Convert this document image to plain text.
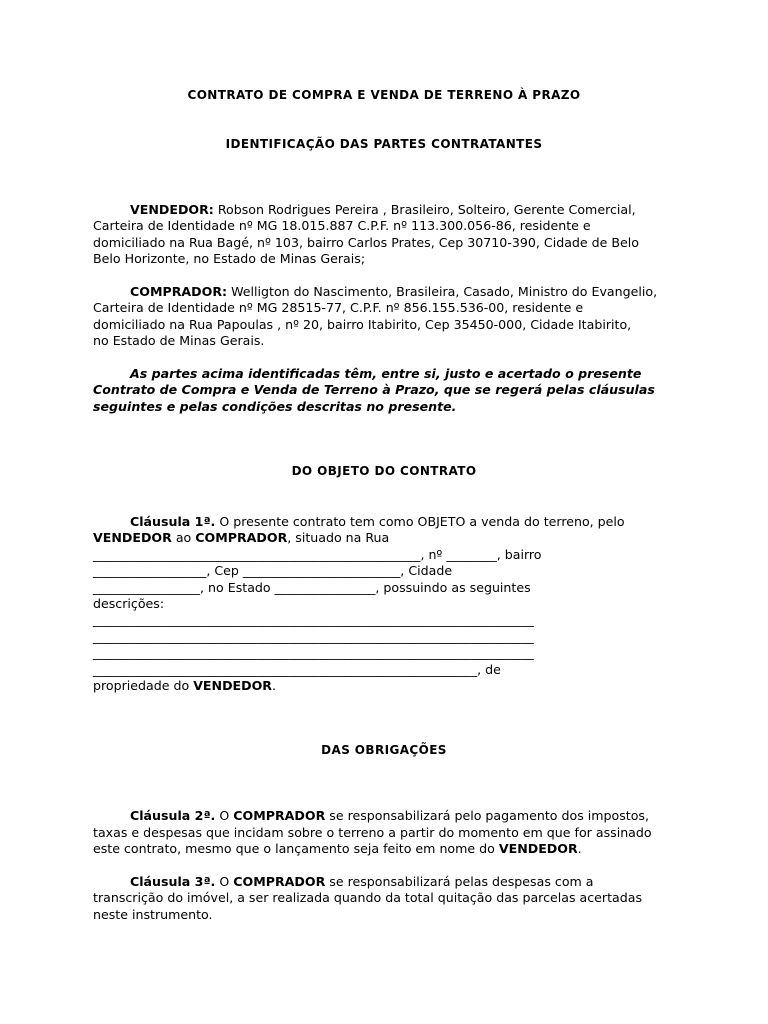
CONTRATO DE COMPRA E VENDA DE TERRENO À PRAZO
IDENTIFICAÇÃO DAS PARTES CONTRATANTES
VENDEDOR: Robson Rodrigues Pereira , Brasileiro, Solteiro, Gerente Comercial,
Carteira de Identidade nº MG 18.015.887 C.P.F. nº 113.300.056-86, residente e
domiciliado na Rua Bagé, nº 103, bairro Carlos Prates, Cep 30710-390, Cidade de Belo
Belo Horizonte, no Estado de Minas Gerais;
COMPRADOR: Welligton do Nascimento, Brasileira, Casado, Ministro do Evangelio,
Carteira de Identidade nº MG 28515-77, C.P.F. nº 856.155.536-00, residente e
domiciliado na Rua Papoulas , nº 20, bairro Itabirito, Cep 35450-000, Cidade Itabirito,
no Estado de Minas Gerais.
As partes acima identificadas têm, entre si, justo e acertado o presente
Contrato de Compra e Venda de Terreno à Prazo, que se regerá pelas cláusulas
seguintes e pelas condições descritas no presente.
DO OBJETO DO CONTRATO
Cláusula 1ª. O presente contrato tem como OBJETO a venda do terreno, pelo
VENDEDOR ao COMPRADOR, situado na Rua
____________________________________________________, nº ________, bairro
__________________, Cep _________________________, Cidade
_________________, no Estado ________________, possuindo as seguintes
descrições:
______________________________________________________________________
______________________________________________________________________
______________________________________________________________________
_____________________________________________________________, de
propriedade do VENDEDOR.
DAS OBRIGAÇÕES
Cláusula 2ª. O COMPRADOR se responsabilizará pelo pagamento dos impostos,
taxas e despesas que incidam sobre o terreno a partir do momento em que for assinado
este contrato, mesmo que o lançamento seja feito em nome do VENDEDOR.
Cláusula 3ª. O COMPRADOR se responsabilizará pelas despesas com a
transcrição do imóvel, a ser realizada quando da total quitação das parcelas acertadas
neste instrumento.
